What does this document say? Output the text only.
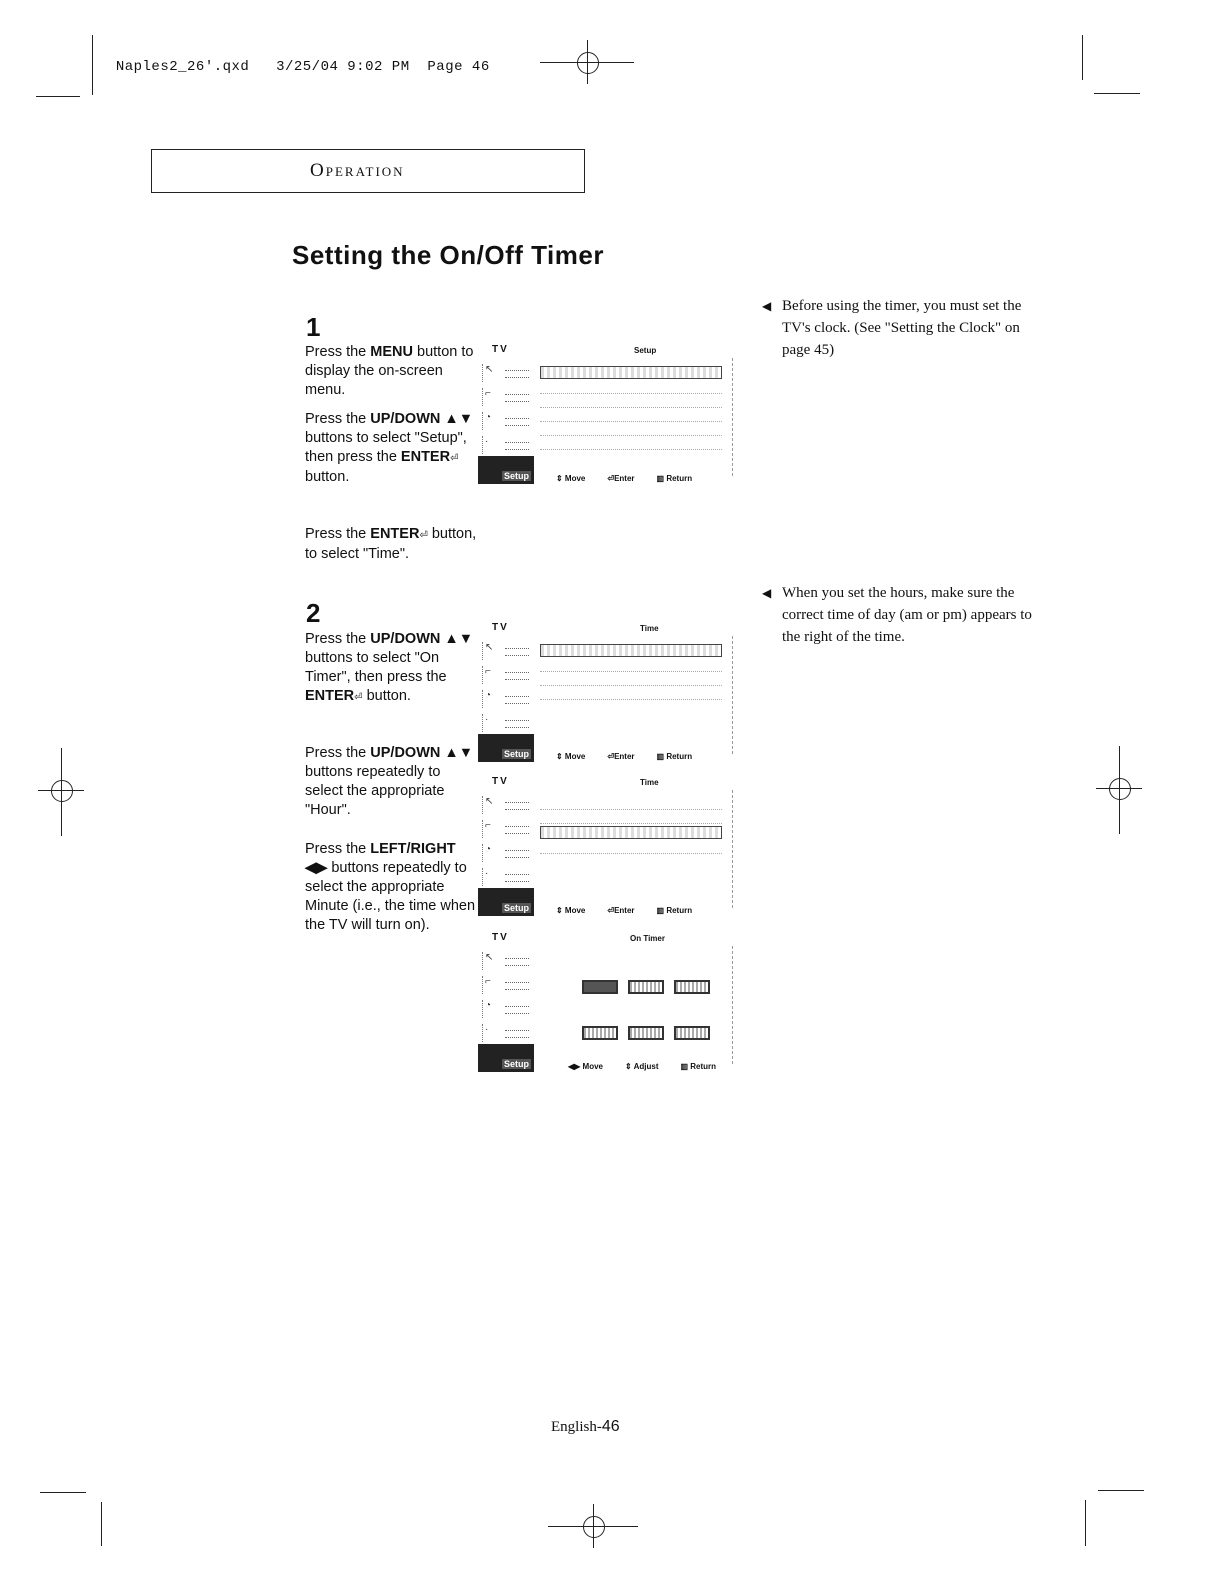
Naples2_26'.qxd 3/25/04 9:02 PM Page 46

Operation
Setting the On/Off Timer
1
Press the MENU button to display the on-screen menu.
Press the UP/DOWN ▲▼ buttons to select "Setup", then press the ENTER⏎ button.
Press the ENTER⏎ button, to select "Time".
2
Press the UP/DOWN ▲▼ buttons to select "On Timer", then press the ENTER⏎ button.
Press the UP/DOWN ▲▼ buttons repeatedly to select the appropriate "Hour".
Press the LEFT/RIGHT ◀▶ buttons repeatedly to select the appropriate Minute (i.e., the time when the TV will turn on).
◀ Before using the timer, you must set the TV's clock. (See "Setting the Clock" on page 45)
◀ When you set the hours, make sure the correct time of day (am or pm) appears to the right of the time.
TV	Setup
↖
⌐
◔
·
Setup	⇕ Move	⏎Enter	▥ Return
TV	Time
↖
⌐
◔
·
Setup	⇕ Move	⏎Enter	▥ Return
TV	Time
↖
⌐
◔
·
Setup	⇕ Move	⏎Enter	▥ Return
TV	On Timer
↖
⌐
◔
·
Setup	◀▶ Move	⇕ Adjust	▥ Return
English-46
